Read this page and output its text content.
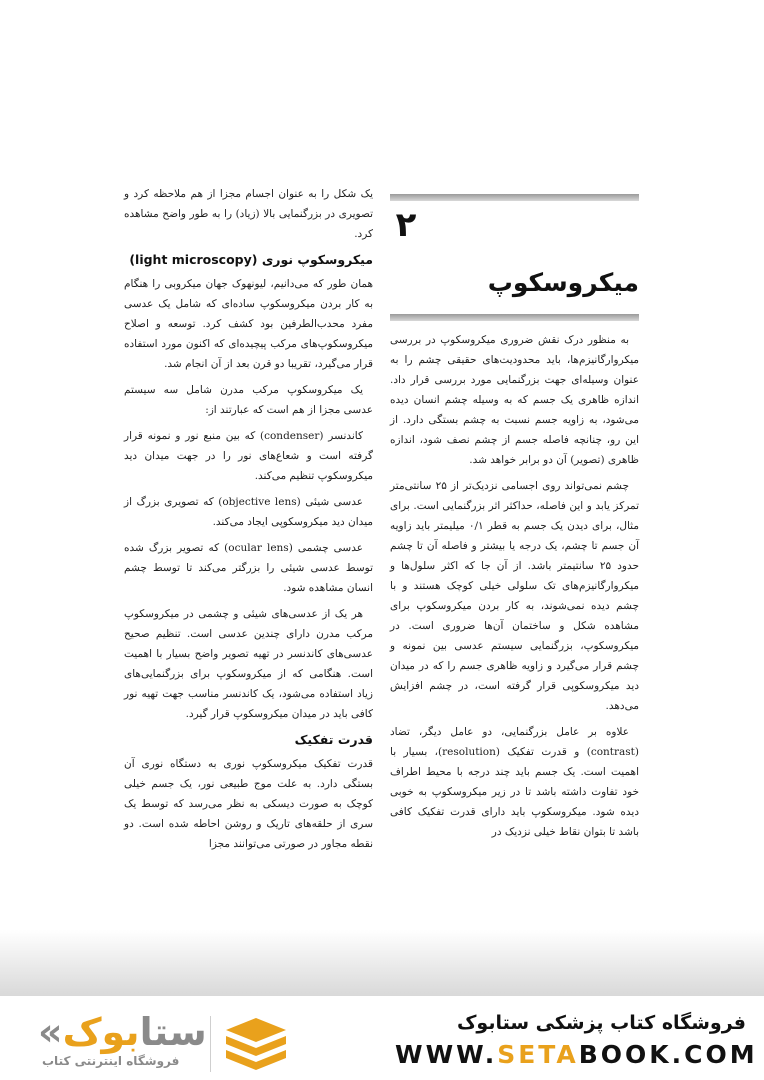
۲
میکروسکوپ

به منظور درک نقش ضروری میکروسکوپ در بررسی میکروارگانیزم‌ها، باید محدودیت‌های حقیقی چشم را به عنوان وسیله‌ای جهت بزرگنمایی مورد بررسی قرار داد. اندازه ظاهری یک جسم که به وسیله چشم انسان دیده می‌شود، به زاویه جسم نسبت به چشم بستگی دارد. از این رو، چنانچه فاصله جسم از چشم نصف شود، اندازه ظاهری (تصویر) آن دو برابر خواهد شد.

چشم نمی‌تواند روی اجسامی نزدیک‌تر از ۲۵ سانتی‌متر تمرکز یابد و این فاصله، حداکثر اثر بزرگنمایی است. برای مثال، برای دیدن یک جسم به قطر ۰/۱ میلیمتر باید زاویه آن جسم تا چشم، یک درجه یا بیشتر و فاصله آن تا چشم حدود ۲۵ سانتیمتر باشد. از آن جا که اکثر سلول‌ها و میکروارگانیزم‌های تک سلولی خیلی کوچک هستند و با چشم دیده نمی‌شوند، به کار بردن میکروسکوپ برای مشاهده شکل و ساختمان آن‌ها ضروری است. در میکروسکوپ، بزرگنمایی سیستم عدسی بین نمونه و چشم قرار می‌گیرد و زاویه ظاهری جسم را که در میدان دید میکروسکوپی قرار گرفته است، در چشم افزایش می‌دهد.

علاوه بر عامل بزرگنمایی، دو عامل دیگر، تضاد (contrast) و قدرت تفکیک (resolution)، بسیار با اهمیت است. یک جسم باید چند درجه با محیط اطراف خود تفاوت داشته باشد تا در زیر میکروسکوپ به خوبی دیده شود. میکروسکوپ باید دارای قدرت تفکیک کافی باشد تا بتوان نقاط خیلی نزدیک در

یک شکل را به عنوان اجسام مجزا از هم ملاحظه کرد و تصویری در بزرگنمایی بالا (زیاد) را به طور واضح مشاهده کرد.

میکروسکوپ نوری (light microscopy)

همان طور که می‌دانیم، لیونهوک جهان میکروبی را هنگام به کار بردن میکروسکوپ ساده‌ای که شامل یک عدسی مفرد محدب‌الطرفین بود کشف کرد. توسعه و اصلاح میکروسکوپ‌های مرکب پیچیده‌ای که اکنون مورد استفاده قرار می‌گیرد، تقریبا دو قرن بعد از آن انجام شد.

یک میکروسکوپ مرکب مدرن شامل سه سیستم عدسی مجزا از هم است که عبارتند از:

کاندنسر (condenser) که بین منبع نور و نمونه قرار گرفته است و شعاع‌های نور را در جهت میدان دید میکروسکوپ تنظیم می‌کند.

عدسی شیئی (objective lens) که تصویری بزرگ از میدان دید میکروسکوپی ایجاد می‌کند.

عدسی چشمی (ocular lens) که تصویر بزرگ شده توسط عدسی شیئی را بزرگتر می‌کند تا توسط چشم انسان مشاهده شود.

هر یک از عدسی‌های شیئی و چشمی در میکروسکوپ مرکب مدرن دارای چندین عدسی است. تنظیم صحیح عدسی‌های کاندنسر در تهیه تصویر واضح بسیار با اهمیت است. هنگامی که از میکروسکوپ برای بزرگنمایی‌های زیاد استفاده می‌شود، یک کاندنسر مناسب جهت تهیه نور کافی باید در میدان میکروسکوپ قرار گیرد.

قدرت تفکیک

قدرت تفکیک میکروسکوپ نوری به دستگاه نوری آن بستگی دارد. به علت موج طبیعی نور، یک جسم خیلی کوچک به صورت دیسکی به نظر می‌رسد که توسط یک سری از حلقه‌های تاریک و روشن احاطه شده است. دو نقطه مجاور در صورتی می‌توانند مجزا

«ستابوک
فروشگاه اینترنتی کتاب
فروشگاه کتاب پزشکی ستابوک
WWW.SETABOOK.COM
